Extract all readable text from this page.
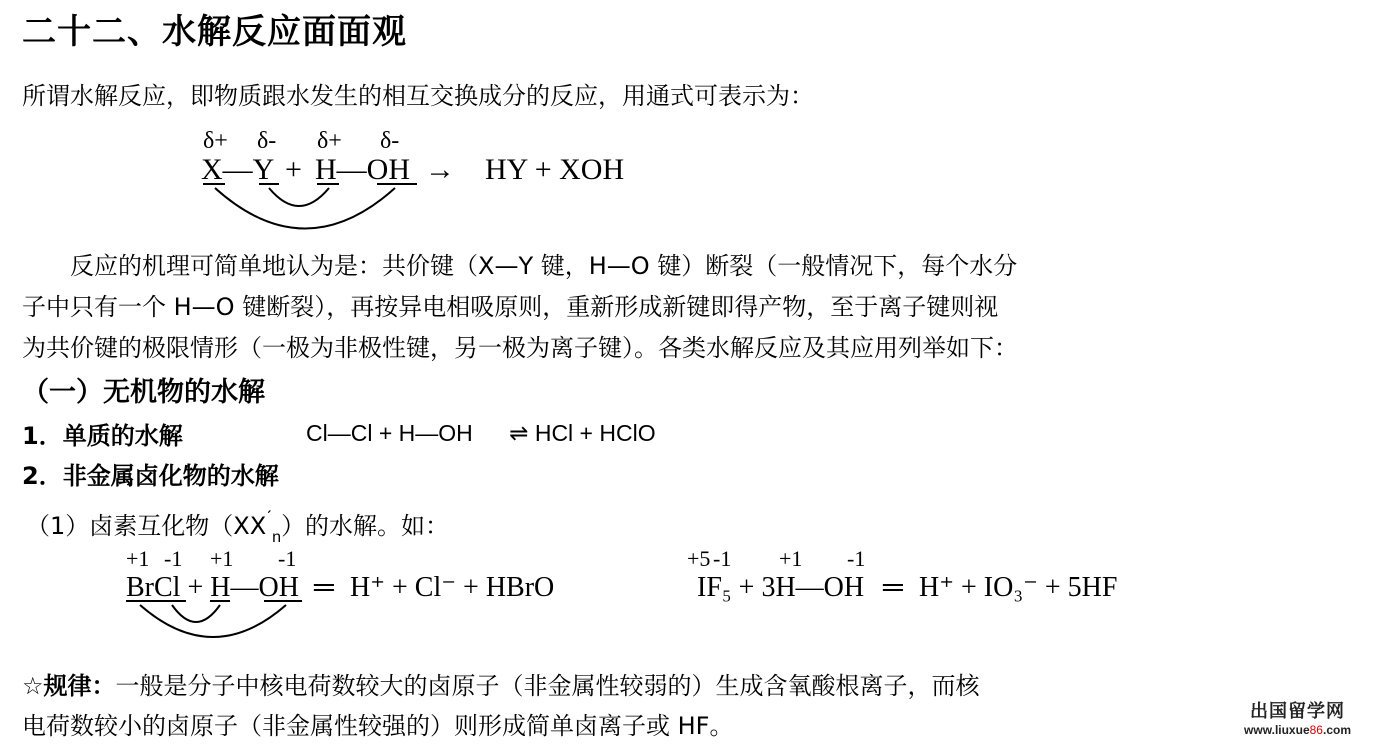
二十二、水解反应面面观
所谓水解反应，即物质跟水发生的相互交换成分的反应，用通式可表示为：
δ+ δ- δ+ δ-
X—Y + H—OH → HY + XOH
反应的机理可简单地认为是：共价键（X—Y 键，H—O 键）断裂（一般情况下，每个水分
子中只有一个 H—O 键断裂），再按异电相吸原则，重新形成新键即得产物，至于离子键则视
为共价键的极限情形（一极为非极性键，另一极为离子键）。各类水解反应及其应用列举如下：
（一）无机物的水解
1．单质的水解	Cl—Cl + H—OH ⇌ HCl + HClO
2．非金属卤化物的水解
（1）卤素互化物$(XX^ˊ_n)$的水解。如：
+1 -1 +1 -1
BrCl + H—OH ═ H⁺ + Cl⁻ + HBrO
+5 -1 +1 -1
IF₅ + 3H—OH ═ H⁺ + IO₃⁻ + 5HF
☆规律：一般是分子中核电荷数较大的卤原子（非金属性较弱的）生成含氧酸根离子，而核
电荷数较小的卤原子（非金属性较强的）则形成简单卤离子或 HF。
出国留学网
www.liuxue86.com
